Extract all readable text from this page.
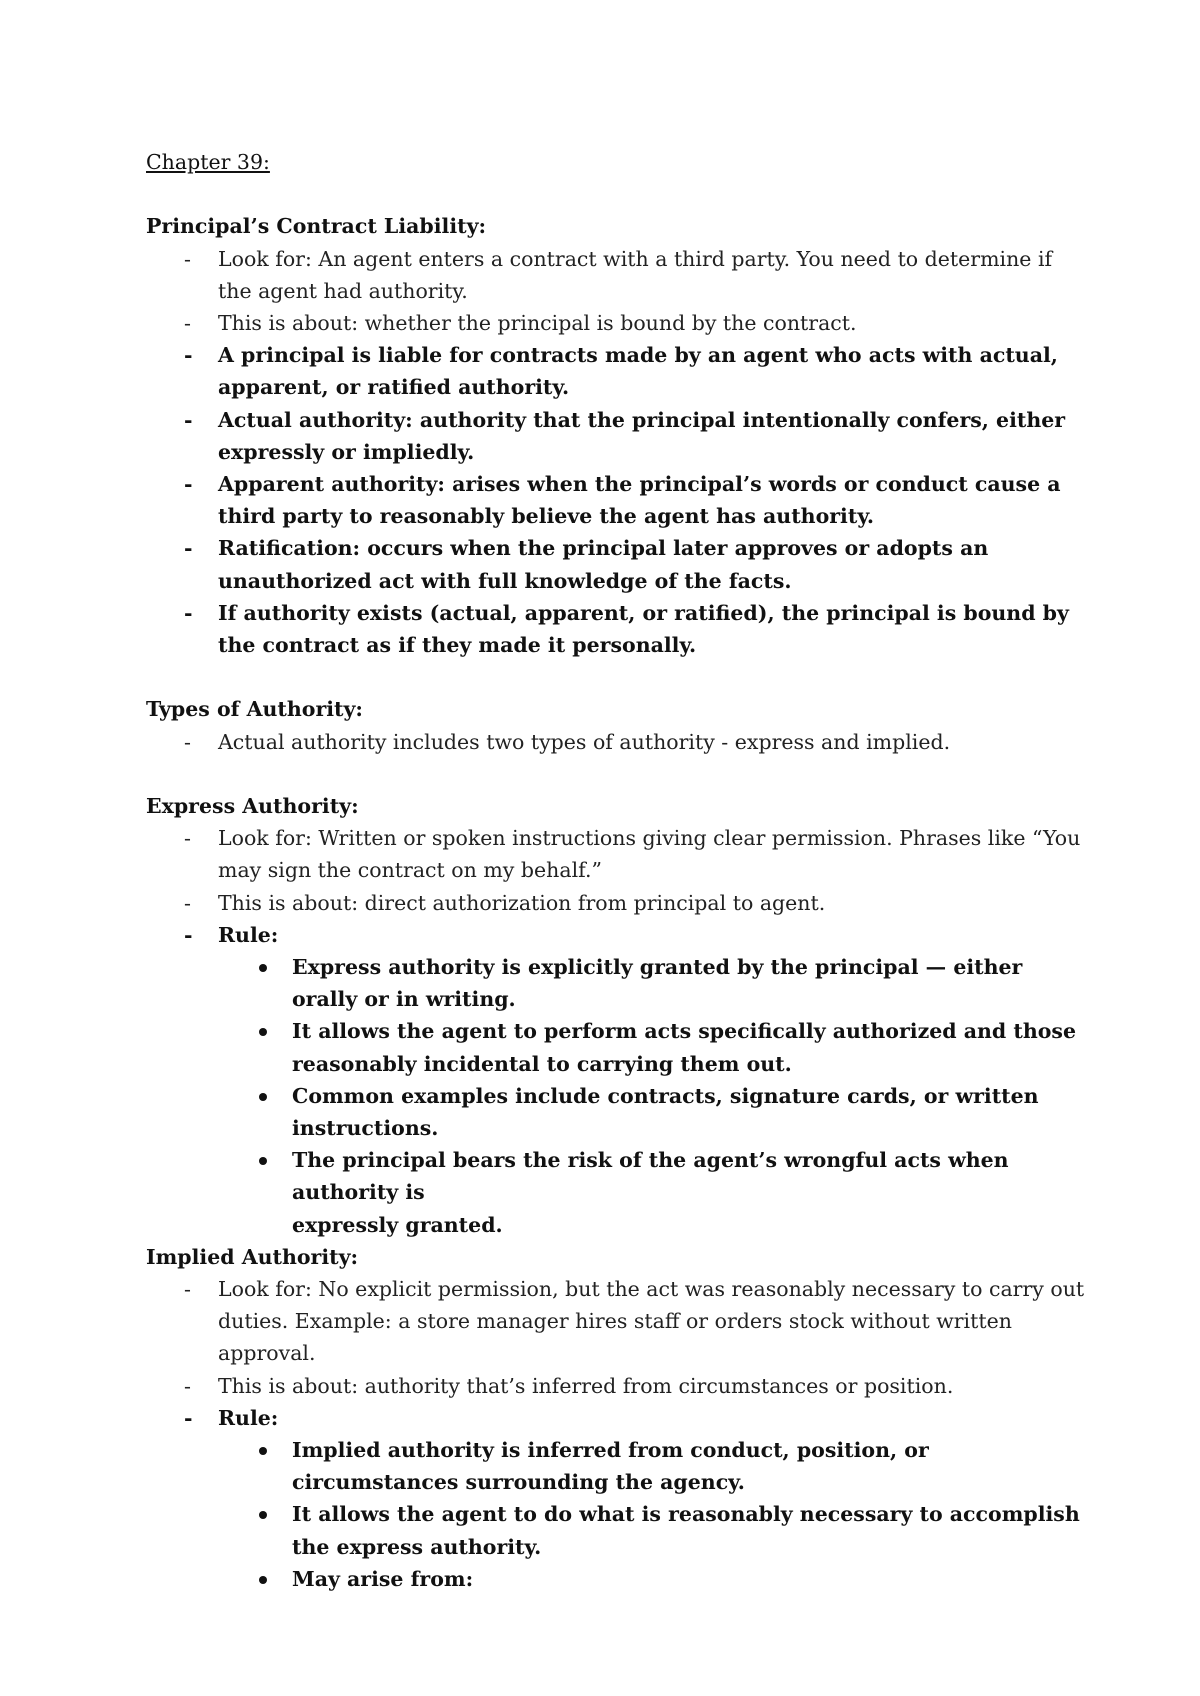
Chapter 39:

Principal’s Contract Liability:

- Look for: An agent enters a contract with a third party. You need to determine if the agent had authority.
- This is about: whether the principal is bound by the contract.
- A principal is liable for contracts made by an agent who acts with actual, apparent, or ratified authority.
- Actual authority: authority that the principal intentionally confers, either expressly or impliedly.
- Apparent authority: arises when the principal’s words or conduct cause a third party to reasonably believe the agent has authority.
- Ratification: occurs when the principal later approves or adopts an unauthorized act with full knowledge of the facts.
- If authority exists (actual, apparent, or ratified), the principal is bound by the contract as if they made it personally.

Types of Authority:

- Actual authority includes two types of authority - express and implied.

Express Authority:

- Look for: Written or spoken instructions giving clear permission. Phrases like “You may sign the contract on my behalf.”
- This is about: direct authorization from principal to agent.
- Rule:
Express authority is explicitly granted by the principal — either orally or in writing.
It allows the agent to perform acts specifically authorized and those reasonably incidental to carrying them out.
Common examples include contracts, signature cards, or written instructions.
The principal bears the risk of the agent’s wrongful acts when authority is
expressly granted.

Implied Authority:

- Look for: No explicit permission, but the act was reasonably necessary to carry out duties. Example: a store manager hires staff or orders stock without written approval.
- This is about: authority that’s inferred from circumstances or position.
- Rule:
Implied authority is inferred from conduct, position, or circumstances surrounding the agency.
It allows the agent to do what is reasonably necessary to accomplish the express authority.
May arise from:
